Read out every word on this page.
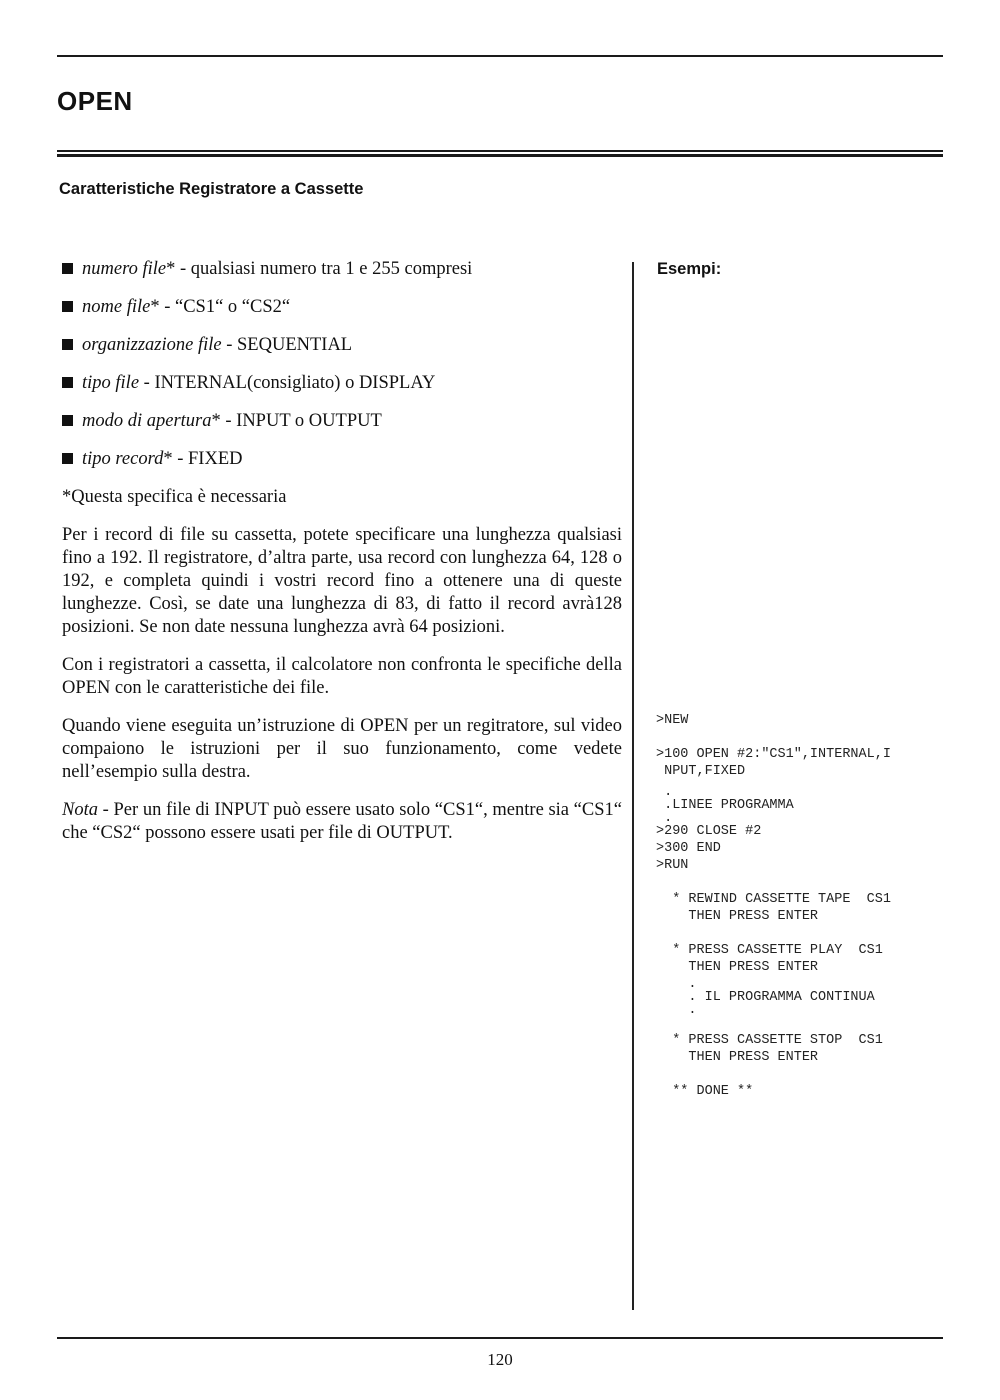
OPEN
Caratteristiche Registratore a Cassette
numero file* - qualsiasi numero tra 1 e 255 compresi
nome file* - “CS1“ o “CS2“
organizzazione file - SEQUENTIAL
tipo file - INTERNAL(consigliato) o DISPLAY
modo di apertura* - INPUT o OUTPUT
tipo record* - FIXED
*Questa specifica è necessaria
Per i record di file su cassetta, potete specificare una lunghezza qualsiasi fino a 192. Il registratore, d’altra parte, usa record con lunghezza 64, 128 o 192, e completa quindi i vostri record fino a ottenere una di queste lunghezze. Così, se date una lunghezza di 83, di fatto il record avrà128 posizioni. Se non date nessuna lunghezza avrà 64 posizioni.
Con i registratori a cassetta, il calcolatore non confronta le specifiche della OPEN con le caratteristiche dei file.
Quando viene eseguita un’istruzione di OPEN per un regitratore, sul video compaiono le istruzioni per il suo funzionamento, come vedete nell’esempio sulla destra.
Nota - Per un file di INPUT può essere usato solo “CS1“, mentre sia “CS1“ che “CS2“ possono essere usati per file di OUTPUT.
Esempi:
>NEW
>100 OPEN #2:"CS1",INTERNAL,I
NPUT,FIXED
.
.LINEE PROGRAMMA
.
>290 CLOSE #2
>300 END
>RUN
* REWIND CASSETTE TAPE  CS1
THEN PRESS ENTER
* PRESS CASSETTE PLAY  CS1
THEN PRESS ENTER
.
. IL PROGRAMMA CONTINUA
.
* PRESS CASSETTE STOP  CS1
THEN PRESS ENTER
** DONE **
120
